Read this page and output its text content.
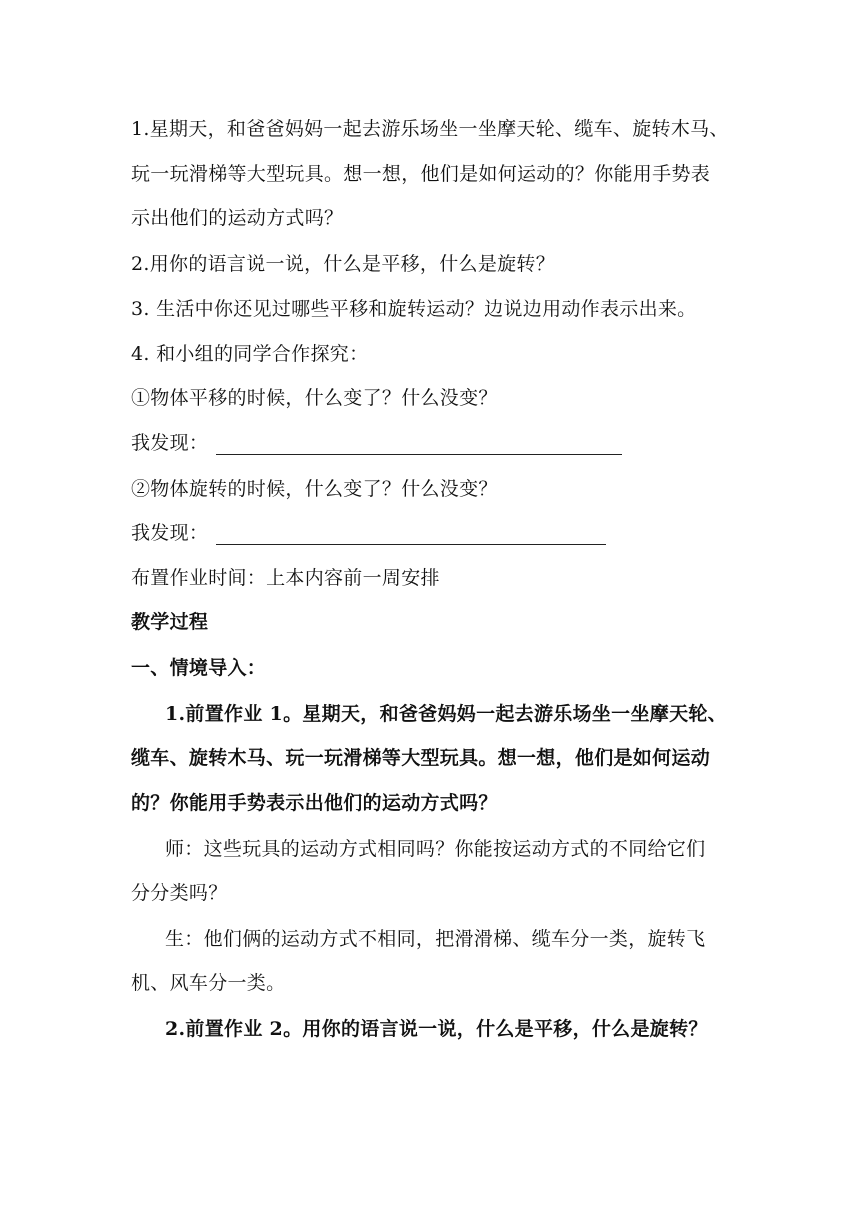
1.星期天，和爸爸妈妈一起去游乐场坐一坐摩天轮、缆车、旋转木马、
玩一玩滑梯等大型玩具。想一想，他们是如何运动的？你能用手势表
示出他们的运动方式吗？
2.用你的语言说一说，什么是平移，什么是旋转？
3. 生活中你还见过哪些平移和旋转运动？边说边用动作表示出来。
4. 和小组的同学合作探究：
①物体平移的时候，什么变了？什么没变？
我发现：
②物体旋转的时候，什么变了？什么没变？
我发现：
布置作业时间：上本内容前一周安排
教学过程
一、情境导入：
1.前置作业 1。星期天，和爸爸妈妈一起去游乐场坐一坐摩天轮、
缆车、旋转木马、玩一玩滑梯等大型玩具。想一想，他们是如何运动
的？你能用手势表示出他们的运动方式吗？
师：这些玩具的运动方式相同吗？你能按运动方式的不同给它们
分分类吗？
生：他们俩的运动方式不相同，把滑滑梯、缆车分一类，旋转飞
机、风车分一类。
2.前置作业 2。用你的语言说一说，什么是平移，什么是旋转？
